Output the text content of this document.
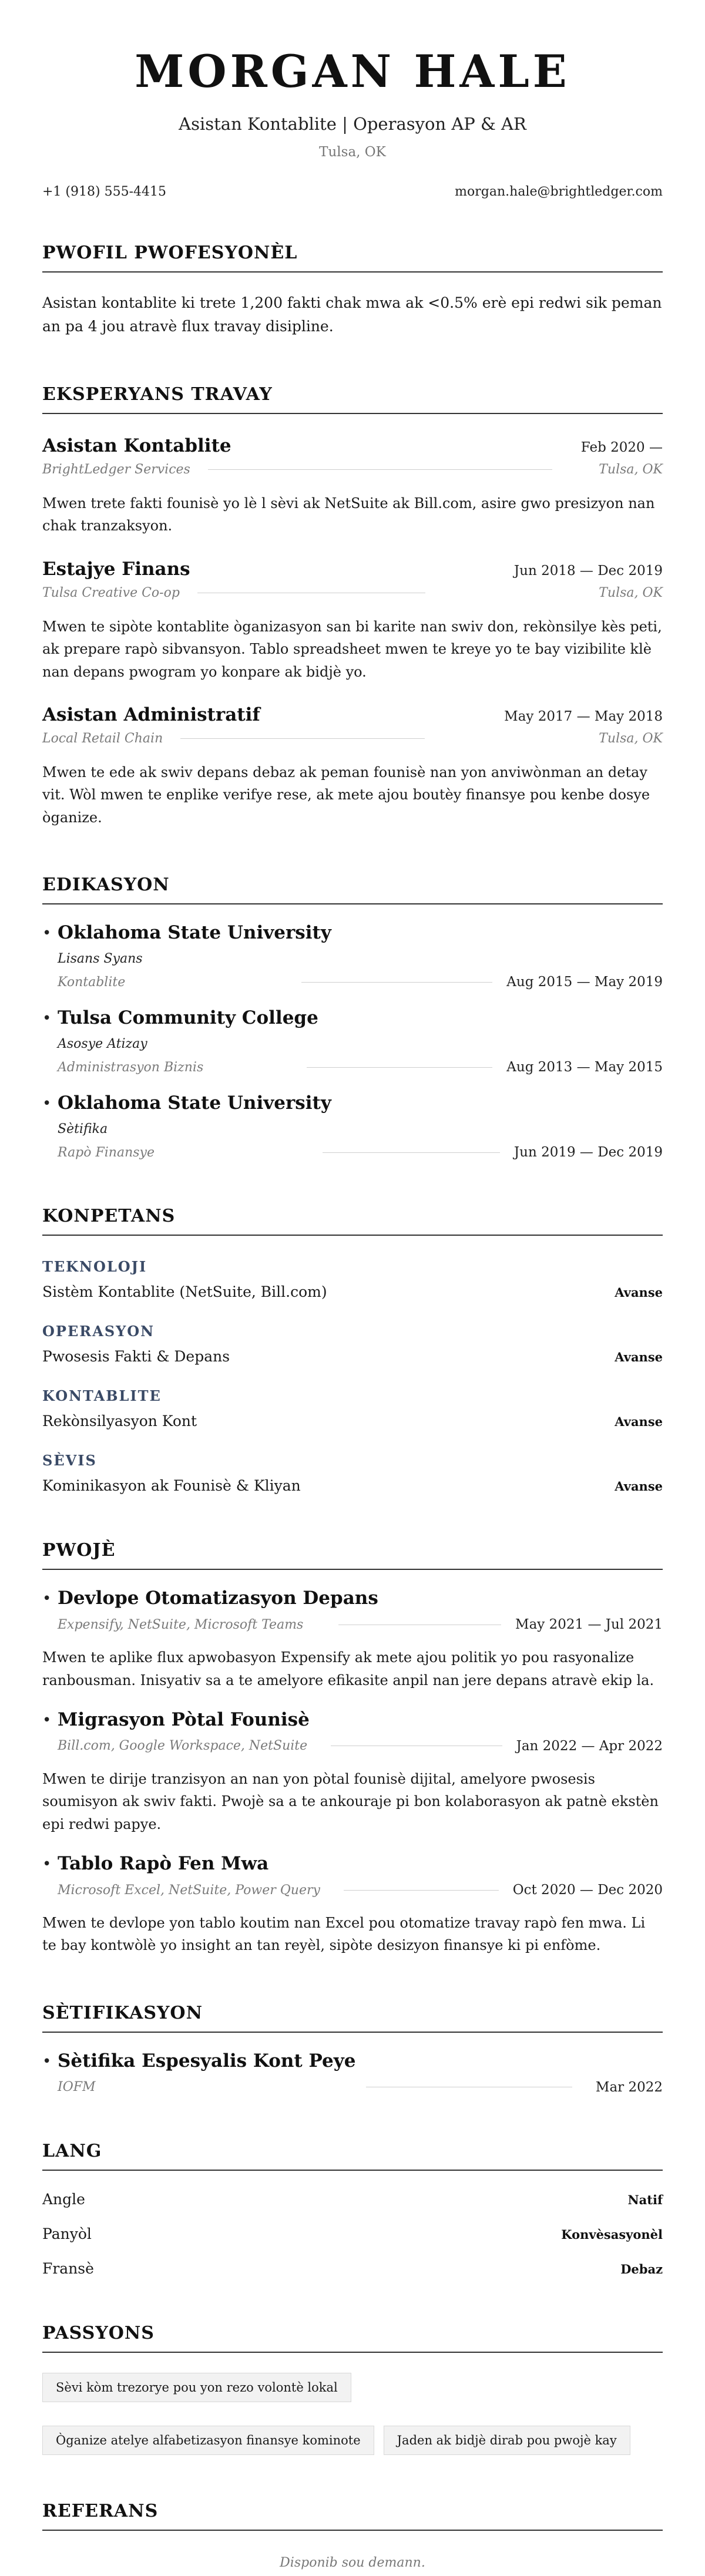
MORGAN HALE
Asistan Kontablite | Operasyon AP & AR
Tulsa, OK
+1 (918) 555-4415	morgan.hale@brightledger.com
PWOFIL PWOFESYONÈL
Asistan kontablite ki trete 1,200 fakti chak mwa ak <0.5% erè epi redwi sik peman an pa 4 jou atravè flux travay disipline.
EKSPERYANS TRAVAY
Asistan Kontablite	Feb 2020 —
BrightLedger Services	Tulsa, OK
Mwen trete fakti founisè yo lè l sèvi ak NetSuite ak Bill.com, asire gwo presizyon nan chak tranzaksyon.
Estajye Finans	Jun 2018 — Dec 2019
Tulsa Creative Co-op	Tulsa, OK
Mwen te sipòte kontablite òganizasyon san bi karite nan swiv don, rekònsilye kès peti, ak prepare rapò sibvansyon. Tablo spreadsheet mwen te kreye yo te bay vizibilite klè nan depans pwogram yo konpare ak bidjè yo.
Asistan Administratif	May 2017 — May 2018
Local Retail Chain	Tulsa, OK
Mwen te ede ak swiv depans debaz ak peman founisè nan yon anviwònman an detay vit. Wòl mwen te enplike verifye rese, ak mete ajou boutèy finansye pou kenbe dosye òganize.
EDIKASYON
• Oklahoma State University
Lisans Syans
Kontablite	Aug 2015 — May 2019
• Tulsa Community College
Asosye Atizay
Administrasyon Biznis	Aug 2013 — May 2015
• Oklahoma State University
Sètifika
Rapò Finansye	Jun 2019 — Dec 2019
KONPETANS
TEKNOLOJI
Sistèm Kontablite (NetSuite, Bill.com)	Avanse
OPERASYON
Pwosesis Fakti & Depans	Avanse
KONTABLITE
Rekònsilyasyon Kont	Avanse
SÈVIS
Kominikasyon ak Founisè & Kliyan	Avanse
PWOJÈ
• Devlope Otomatizasyon Depans
Expensify, NetSuite, Microsoft Teams	May 2021 — Jul 2021
Mwen te aplike flux apwobasyon Expensify ak mete ajou politik yo pou rasyonalize ranbousman. Inisyativ sa a te amelyore efikasite anpil nan jere depans atravè ekip la.
• Migrasyon Pòtal Founisè
Bill.com, Google Workspace, NetSuite	Jan 2022 — Apr 2022
Mwen te dirije tranzisyon an nan yon pòtal founisè dijital, amelyore pwosesis soumisyon ak swiv fakti. Pwojè sa a te ankouraje pi bon kolaborasyon ak patnè ekstèn epi redwi papye.
• Tablo Rapò Fen Mwa
Microsoft Excel, NetSuite, Power Query	Oct 2020 — Dec 2020
Mwen te devlope yon tablo koutim nan Excel pou otomatize travay rapò fen mwa. Li te bay kontwòlè yo insight an tan reyèl, sipòte desizyon finansye ki pi enfòme.
SÈTIFIKASYON
• Sètifika Espesyalis Kont Peye
IOFM	Mar 2022
LANG
Angle	Natif
Panyòl	Konvèsasyonèl
Fransè	Debaz
PASSYONS
Sèvi kòm trezorye pou yon rezo volontè lokal
Òganize atelye alfabetizasyon finansye kominote	Jaden ak bidjè dirab pou pwojè kay
REFERANS
Disponib sou demann.
